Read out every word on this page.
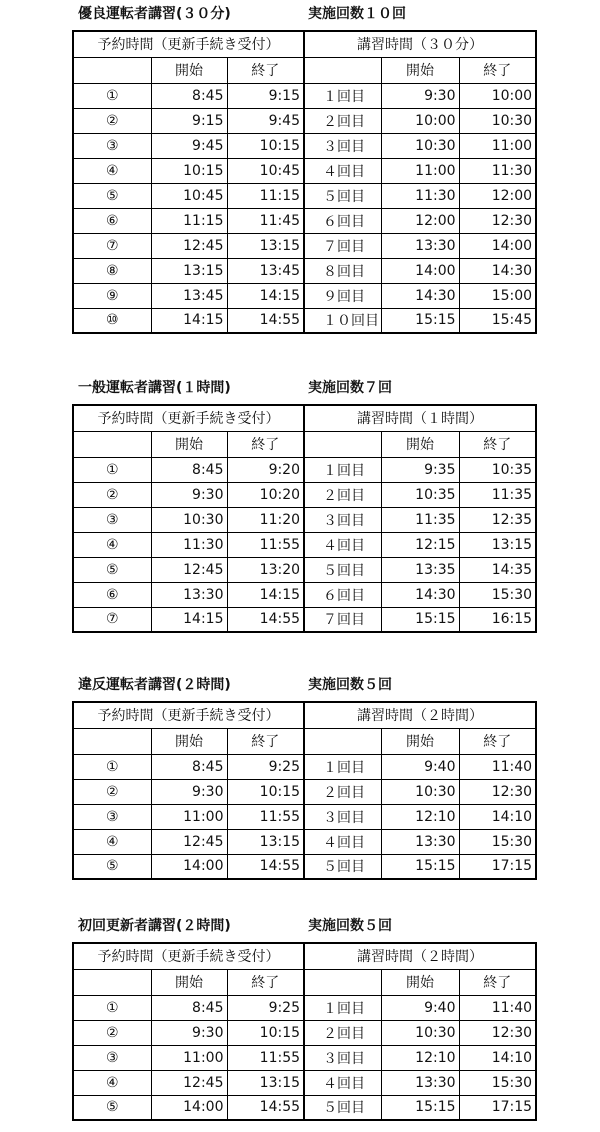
優良運転者講習(３０分)	実施回数１０回
予約時間（更新手続き受付）			講習時間（３０分）		
	開始	終了		開始	終了
①	8:45	9:15	１回目	9:30	10:00
②	9:15	9:45	２回目	10:00	10:30
③	9:45	10:15	３回目	10:30	11:00
④	10:15	10:45	４回目	11:00	11:30
⑤	10:45	11:15	５回目	11:30	12:00
⑥	11:15	11:45	６回目	12:00	12:30
⑦	12:45	13:15	７回目	13:30	14:00
⑧	13:15	13:45	８回目	14:00	14:30
⑨	13:45	14:15	９回目	14:30	15:00
⑩	14:15	14:55	１０回目	15:15	15:45
一般運転者講習(１時間)	実施回数７回
予約時間（更新手続き受付）			講習時間（１時間）		
	開始	終了		開始	終了
①	8:45	9:20	１回目	9:35	10:35
②	9:30	10:20	２回目	10:35	11:35
③	10:30	11:20	３回目	11:35	12:35
④	11:30	11:55	４回目	12:15	13:15
⑤	12:45	13:20	５回目	13:35	14:35
⑥	13:30	14:15	６回目	14:30	15:30
⑦	14:15	14:55	７回目	15:15	16:15
違反運転者講習(２時間)	実施回数５回
予約時間（更新手続き受付）			講習時間（２時間）		
	開始	終了		開始	終了
①	8:45	9:25	１回目	9:40	11:40
②	9:30	10:15	２回目	10:30	12:30
③	11:00	11:55	３回目	12:10	14:10
④	12:45	13:15	４回目	13:30	15:30
⑤	14:00	14:55	５回目	15:15	17:15
初回更新者講習(２時間)	実施回数５回
予約時間（更新手続き受付）			講習時間（２時間）		
	開始	終了		開始	終了
①	8:45	9:25	１回目	9:40	11:40
②	9:30	10:15	２回目	10:30	12:30
③	11:00	11:55	３回目	12:10	14:10
④	12:45	13:15	４回目	13:30	15:30
⑤	14:00	14:55	５回目	15:15	17:15
